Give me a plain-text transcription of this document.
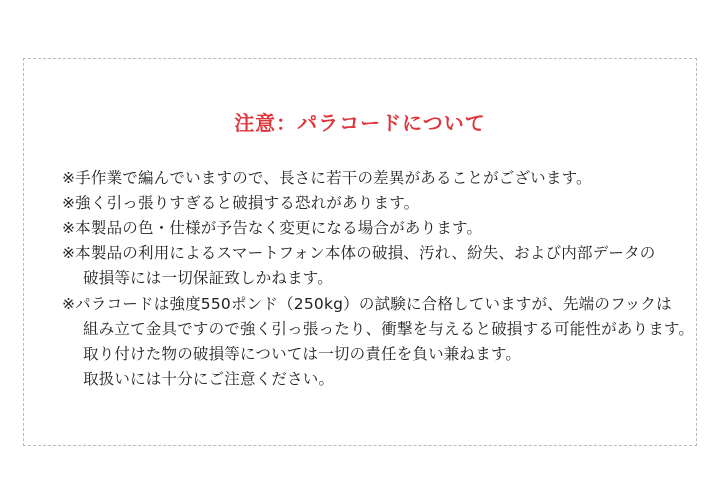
注意：パラコードについて
※手作業で編んでいますので、長さに若干の差異があることがございます。
※強く引っ張りすぎると破損する恐れがあります。
※本製品の色・仕様が予告なく変更になる場合があります。
※本製品の利用によるスマートフォン本体の破損、汚れ、紛失、および内部データの
破損等には一切保証致しかねます。
※パラコードは強度550ポンド（250kg）の試験に合格していますが、先端のフックは
組み立て金具ですので強く引っ張ったり、衝撃を与えると破損する可能性があります。
取り付けた物の破損等については一切の責任を負い兼ねます。
取扱いには十分にご注意ください。
